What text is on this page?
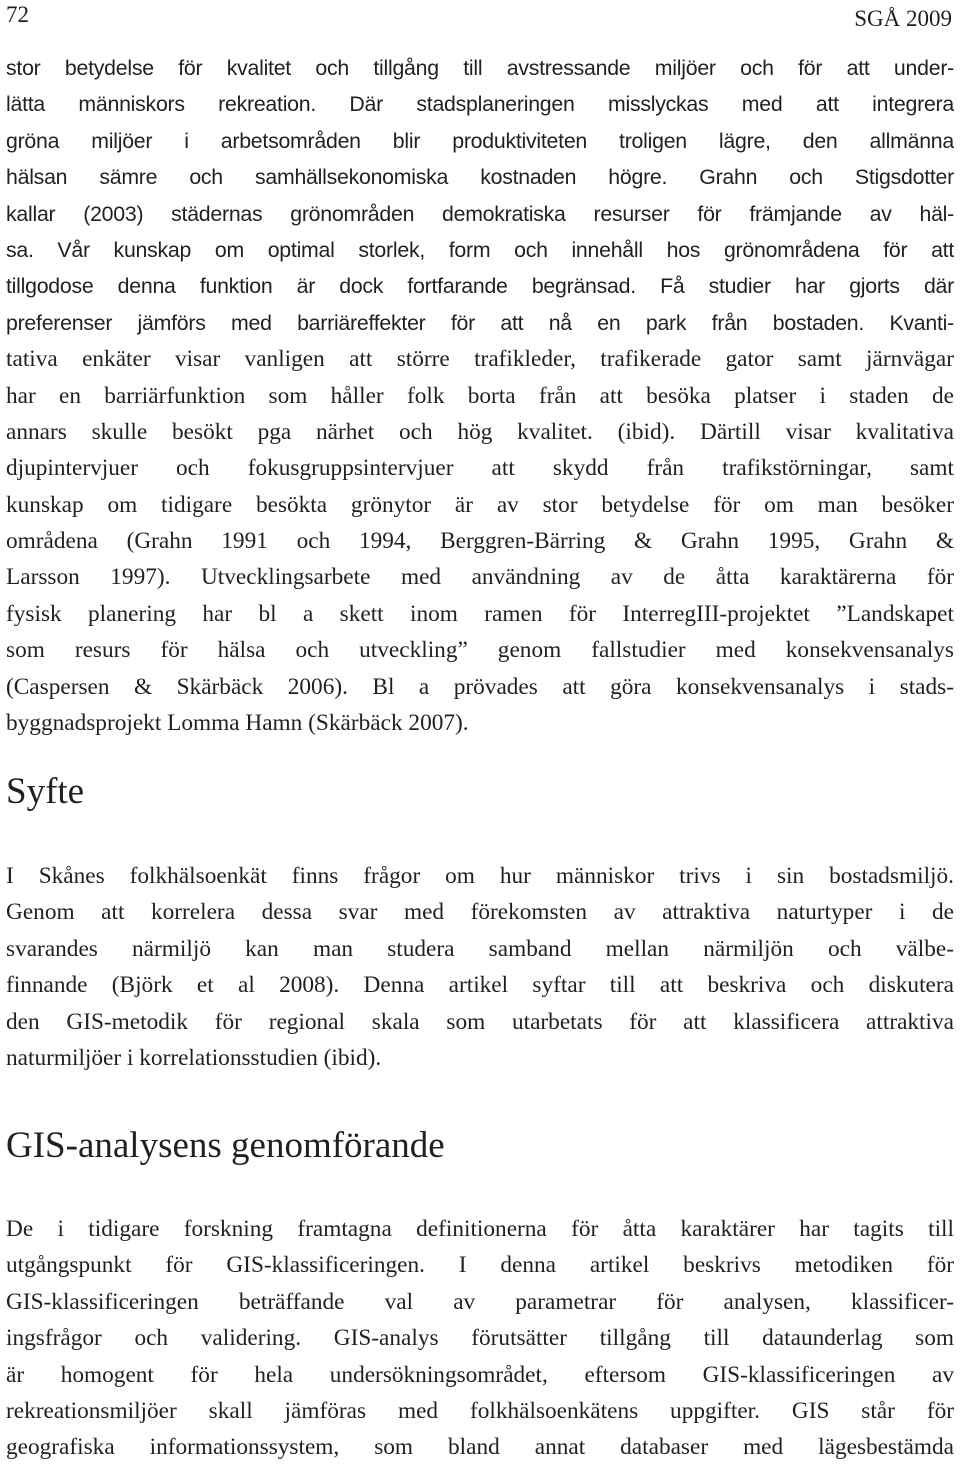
72	SGÅ 2009
stor betydelse för kvalitet och tillgång till avstressande miljöer och för att under-
lätta människors rekreation. Där stadsplaneringen misslyckas med att integrera
gröna miljöer i arbetsområden blir produktiviteten troligen lägre, den allmänna
hälsan sämre och samhällsekonomiska kostnaden högre. Grahn och Stigsdotter
kallar (2003) städernas grönområden demokratiska resurser för främjande av häl-
sa. Vår kunskap om optimal storlek, form och innehåll hos grönområdena för att
tillgodose denna funktion är dock fortfarande begränsad. Få studier har gjorts där
preferenser jämförs med barriäreffekter för att nå en park från bostaden. Kvanti-
tativa enkäter visar vanligen att större trafikleder, trafikerade gator samt järnvägar
har en barriärfunktion som håller folk borta från att besöka platser i staden de
annars skulle besökt pga närhet och hög kvalitet. (ibid). Därtill visar kvalitativa
djupintervjuer och fokusgruppsintervjuer att skydd från trafikstörningar, samt
kunskap om tidigare besökta grönytor är av stor betydelse för om man besöker
områdena (Grahn 1991 och 1994, Berggren-Bärring & Grahn 1995, Grahn &
Larsson 1997). Utvecklingsarbete med användning av de åtta karaktärerna för
fysisk planering har bl a skett inom ramen för InterregIII-projektet ”Landskapet
som resurs för hälsa och utveckling” genom fallstudier med konsekvensanalys
(Caspersen & Skärbäck 2006). Bl a prövades att göra konsekvensanalys i stads-
byggnadsprojekt Lomma Hamn (Skärbäck 2007).
Syfte
I Skånes folkhälsoenkät finns frågor om hur människor trivs i sin bostadsmiljö.
Genom att korrelera dessa svar med förekomsten av attraktiva naturtyper i de
svarandes närmiljö kan man studera samband mellan närmiljön och välbe-
finnande (Björk et al 2008). Denna artikel syftar till att beskriva och diskutera
den GIS-metodik för regional skala som utarbetats för att klassificera attraktiva
naturmiljöer i korrelationsstudien (ibid).
GIS-analysens genomförande
De i tidigare forskning framtagna definitionerna för åtta karaktärer har tagits till
utgångspunkt för GIS-klassificeringen. I denna artikel beskrivs metodiken för
GIS-klassificeringen beträffande val av parametrar för analysen, klassificer-
ingsfrågor och validering. GIS-analys förutsätter tillgång till dataunderlag som
är homogent för hela undersökningsområdet, eftersom GIS-klassificeringen av
rekreationsmiljöer skall jämföras med folkhälsoenkätens uppgifter. GIS står för
geografiska informationssystem, som bland annat databaser med lägesbestämda
